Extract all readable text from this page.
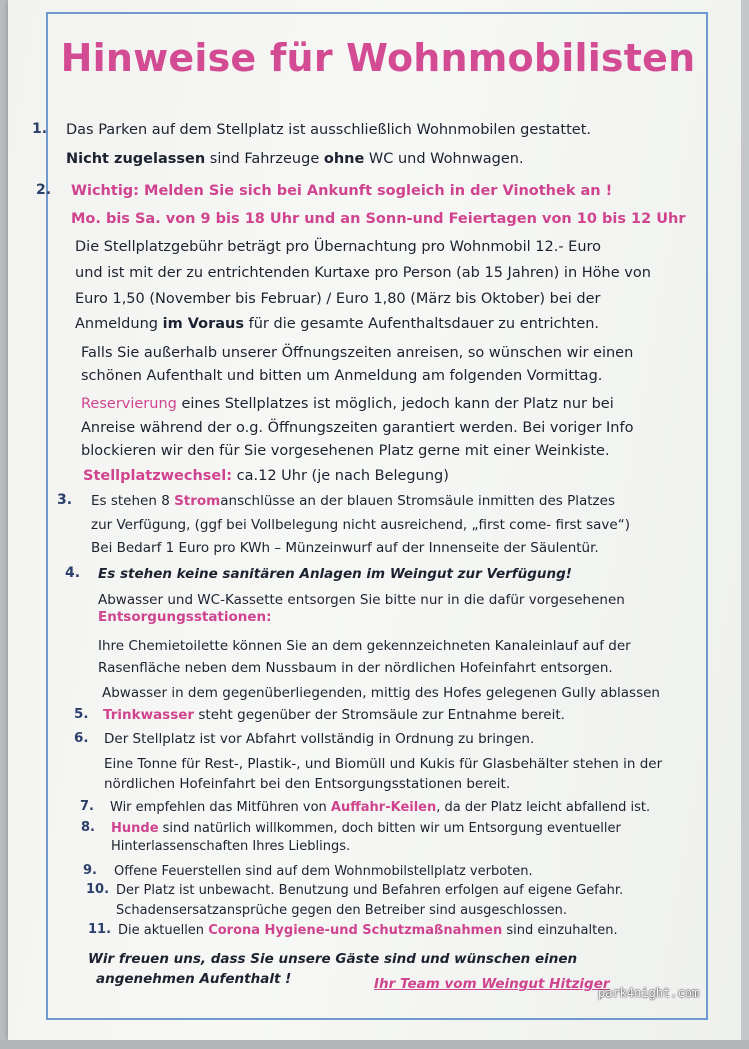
Hinweise für Wohnmobilisten
1. Das Parken auf dem Stellplatz ist ausschließlich Wohnmobilen gestattet.
Nicht zugelassen sind Fahrzeuge ohne WC und Wohnwagen.
2. Wichtig: Melden Sie sich bei Ankunft sogleich in der Vinothek an !
Mo. bis Sa. von 9 bis 18 Uhr und an Sonn-und Feiertagen von 10 bis 12 Uhr
Die Stellplatzgebühr beträgt pro Übernachtung pro Wohnmobil 12.- Euro
und ist mit der zu entrichtenden Kurtaxe pro Person (ab 15 Jahren) in Höhe von
Euro 1,50 (November bis Februar) / Euro 1,80 (März bis Oktober) bei der
Anmeldung im Voraus für die gesamte Aufenthaltsdauer zu entrichten.
Falls Sie außerhalb unserer Öffnungszeiten anreisen, so wünschen wir einen
schönen Aufenthalt und bitten um Anmeldung am folgenden Vormittag.
Reservierung eines Stellplatzes ist möglich, jedoch kann der Platz nur bei
Anreise während der o.g. Öffnungszeiten garantiert werden. Bei voriger Info
blockieren wir den für Sie vorgesehenen Platz gerne mit einer Weinkiste.
Stellplatzwechsel: ca.12 Uhr (je nach Belegung)
3. Es stehen 8 Stromanschlüsse an der blauen Stromsäule inmitten des Platzes
zur Verfügung, (ggf bei Vollbelegung nicht ausreichend, „first come- first save“)
Bei Bedarf 1 Euro pro KWh – Münzeinwurf auf der Innenseite der Säulentür.
4. Es stehen keine sanitären Anlagen im Weingut zur Verfügung!
Abwasser und WC-Kassette entsorgen Sie bitte nur in die dafür vorgesehenen
Entsorgungsstationen:
Ihre Chemietoilette können Sie an dem gekennzeichneten Kanaleinlauf auf der
Rasenfläche neben dem Nussbaum in der nördlichen Hofeinfahrt entsorgen.
Abwasser in dem gegenüberliegenden, mittig des Hofes gelegenen Gully ablassen
5. Trinkwasser steht gegenüber der Stromsäule zur Entnahme bereit.
6. Der Stellplatz ist vor Abfahrt vollständig in Ordnung zu bringen.
Eine Tonne für Rest-, Plastik-, und Biomüll und Kukis für Glasbehälter stehen in der
nördlichen Hofeinfahrt bei den Entsorgungsstationen bereit.
7. Wir empfehlen das Mitführen von Auffahr-Keilen, da der Platz leicht abfallend ist.
8. Hunde sind natürlich willkommen, doch bitten wir um Entsorgung eventueller
Hinterlassenschaften Ihres Lieblings.
9. Offene Feuerstellen sind auf dem Wohnmobilstellplatz verboten.
10. Der Platz ist unbewacht. Benutzung und Befahren erfolgen auf eigene Gefahr.
Schadensersatzansprüche gegen den Betreiber sind ausgeschlossen.
11. Die aktuellen Corona Hygiene-und Schutzmaßnahmen sind einzuhalten.
Wir freuen uns, dass Sie unsere Gäste sind und wünschen einen
angenehmen Aufenthalt !	Ihr Team vom Weingut Hitziger
park4night.com
